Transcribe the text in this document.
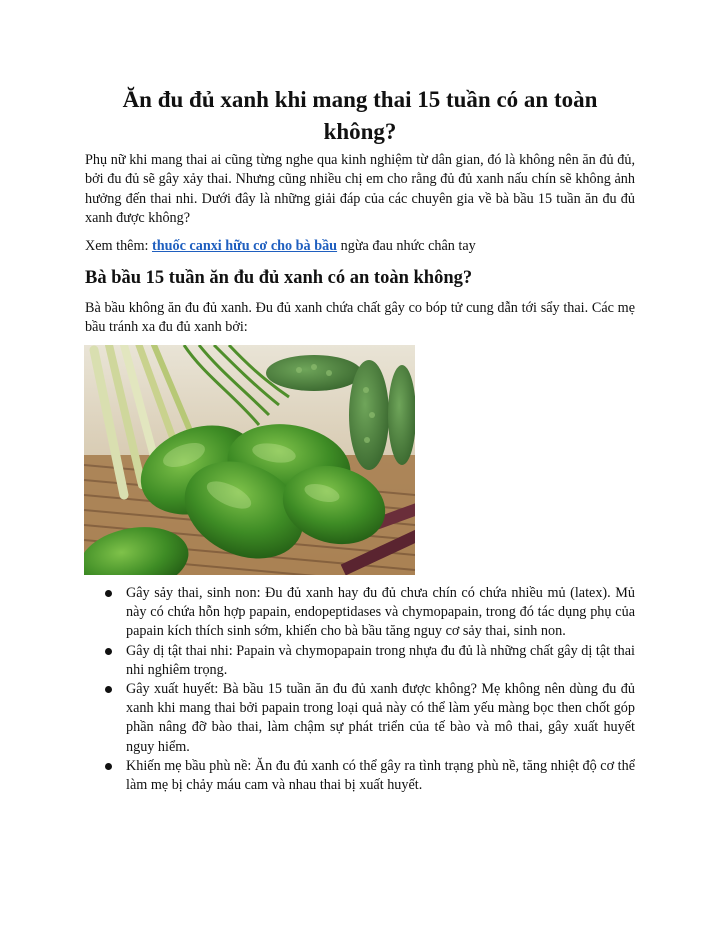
Ăn đu đủ xanh khi mang thai 15 tuần có an toàn không?

Phụ nữ khi mang thai ai cũng từng nghe qua kinh nghiệm từ dân gian, đó là không nên ăn đủ đủ, bởi đu đủ sẽ gây xảy thai. Nhưng cũng nhiều chị em cho rằng đủ đủ xanh nấu chín sẽ không ảnh hưởng đến thai nhi. Dưới đây là những giải đáp của các chuyên gia về bà bầu 15 tuần ăn đu đủ xanh được không?

Xem thêm: thuốc canxi hữu cơ cho bà bầu ngừa đau nhức chân tay

Bà bầu 15 tuần ăn đu đủ xanh có an toàn không?

Bà bầu không ăn đu đủ xanh. Đu đủ xanh chứa chất gây co bóp tử cung dẫn tới sẩy thai. Các mẹ bầu tránh xa đu đủ xanh bởi:

Gây sảy thai, sinh non: Đu đủ xanh hay đu đủ chưa chín có chứa nhiều mủ (latex). Mủ này có chứa hỗn hợp papain, endopeptidases và chymopapain, trong đó tác dụng phụ của papain kích thích sinh sớm, khiến cho bà bầu tăng nguy cơ sảy thai, sinh non.
Gây dị tật thai nhi: Papain và chymopapain trong nhựa đu đủ là những chất gây dị tật thai nhi nghiêm trọng.
Gây xuất huyết: Bà bầu 15 tuần ăn đu đủ xanh được không? Mẹ không nên dùng đu đủ xanh khi mang thai bởi papain trong loại quả này có thể làm yếu màng bọc then chốt góp phần nâng đỡ bào thai, làm chậm sự phát triển của tế bào và mô thai, gây xuất huyết nguy hiểm.
Khiến mẹ bầu phù nề: Ăn đu đủ xanh có thể gây ra tình trạng phù nề, tăng nhiệt độ cơ thể làm mẹ bị chảy máu cam và nhau thai bị xuất huyết.
